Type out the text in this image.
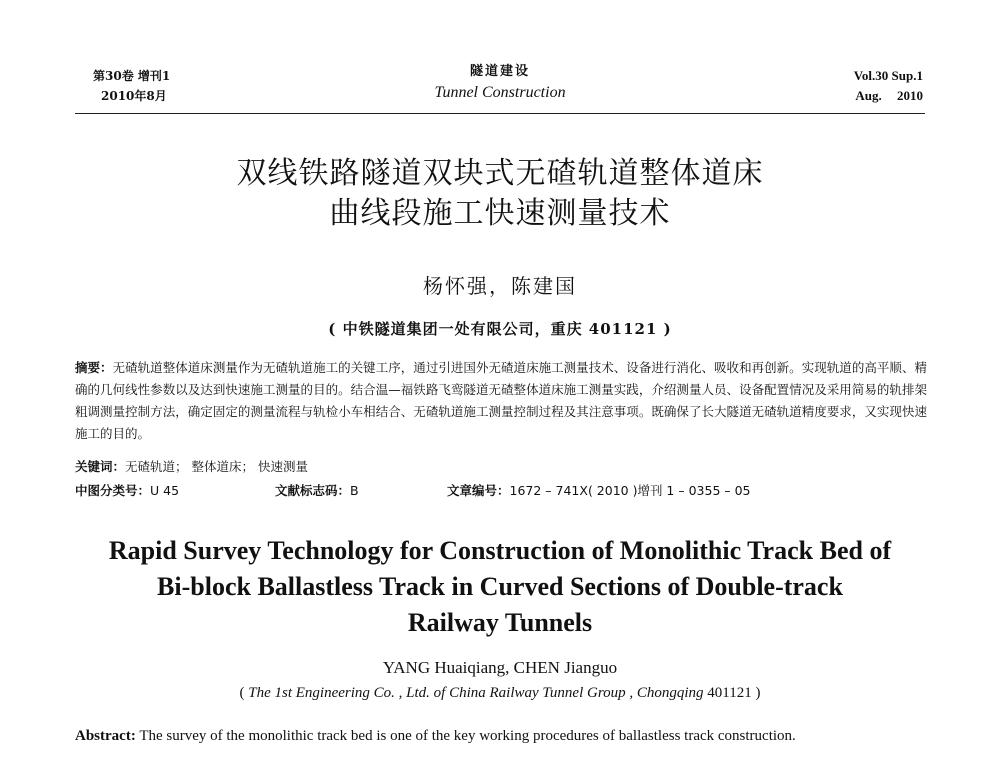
第30卷 增刊1
2010年8月
隧道建设
Tunnel Construction
Vol.30 Sup.1
Aug. 2010
双线铁路隧道双块式无碴轨道整体道床
曲线段施工快速测量技术
杨怀强，陈建国
( 中铁隧道集团一处有限公司，重庆 401121 )
摘要：无碴轨道整体道床测量作为无碴轨道施工的关键工序，通过引进国外无碴道床施工测量技术、设备进行消化、吸收和再创新。实现轨道的高平顺、精确的几何线性参数以及达到快速施工测量的目的。结合温—福铁路飞鸾隧道无碴整体道床施工测量实践，介绍测量人员、设备配置情况及采用简易的轨排架粗调测量控制方法，确定固定的测量流程与轨检小车相结合、无碴轨道施工测量控制过程及其注意事项。既确保了长大隧道无碴轨道精度要求，又实现快速施工的目的。
关键词：无碴轨道； 整体道床； 快速测量
中图分类号：U 45	文献标志码：B	文章编号：1672 – 741X( 2010 )增刊 1 – 0355 – 05
Rapid Survey Technology for Construction of Monolithic Track Bed of
Bi-block Ballastless Track in Curved Sections of Double-track
Railway Tunnels
YANG Huaiqiang, CHEN Jianguo
( The 1st Engineering Co. , Ltd. of China Railway Tunnel Group , Chongqing 401121 )
Abstract: The survey of the monolithic track bed is one of the key working procedures of ballastless track construction.
